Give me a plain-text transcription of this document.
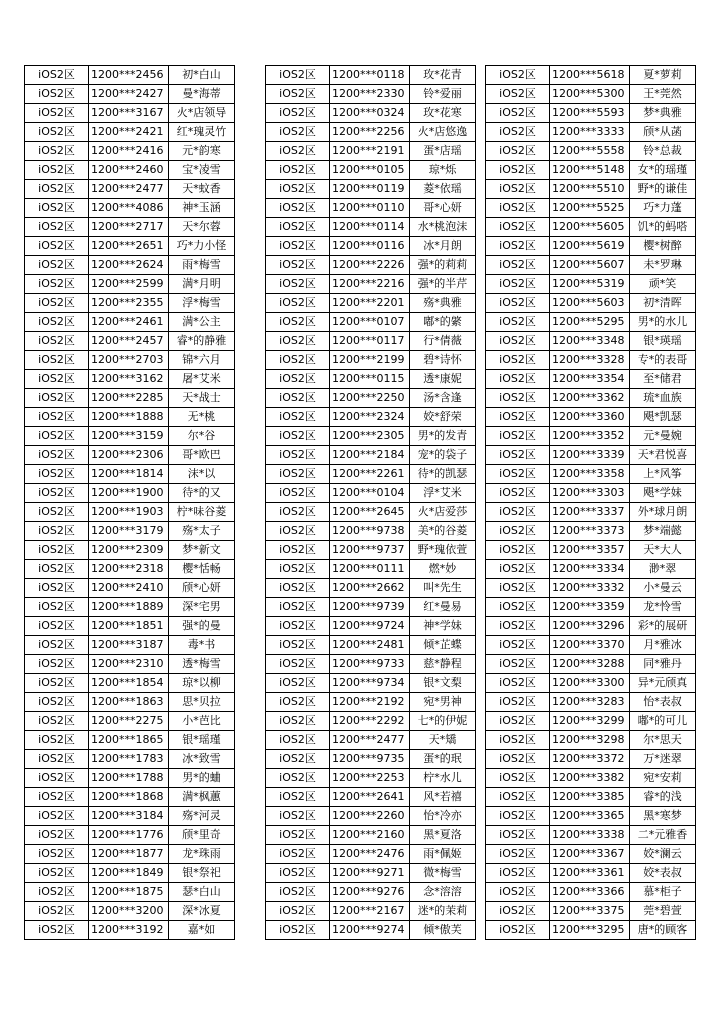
iOS2区	1200***2456	初*白山
iOS2区	1200***2427	曼*海蒂
iOS2区	1200***3167	火*店领导
iOS2区	1200***2421	红*瑰灵竹
iOS2区	1200***2416	元*韵寒
iOS2区	1200***2460	宝*凌雪
iOS2区	1200***2477	天*蚊香
iOS2区	1200***4086	神*玉涵
iOS2区	1200***2717	天*尔蓉
iOS2区	1200***2651	巧*力小怪
iOS2区	1200***2624	雨*梅雪
iOS2区	1200***2599	满*月明
iOS2区	1200***2355	浮*梅雪
iOS2区	1200***2461	满*公主
iOS2区	1200***2457	睿*的静雅
iOS2区	1200***2703	锦*六月
iOS2区	1200***3162	屠*艾米
iOS2区	1200***2285	天*战士
iOS2区	1200***1888	无*桃
iOS2区	1200***3159	尔*谷
iOS2区	1200***2306	哥*欧巴
iOS2区	1200***1814	沫*以
iOS2区	1200***1900	待*的又
iOS2区	1200***1903	柠*味谷菱
iOS2区	1200***3179	殇*太子
iOS2区	1200***2309	梦*新文
iOS2区	1200***2318	樱*恬畅
iOS2区	1200***2410	颀*心妍
iOS2区	1200***1889	深*宅男
iOS2区	1200***1851	强*的曼
iOS2区	1200***3187	毒*书
iOS2区	1200***2310	透*梅雪
iOS2区	1200***1854	琼*以柳
iOS2区	1200***1863	思*贝拉
iOS2区	1200***2275	小*芭比
iOS2区	1200***1865	银*瑶瑾
iOS2区	1200***1783	冰*致雪
iOS2区	1200***1788	男*的蛐
iOS2区	1200***1868	满*枫蕙
iOS2区	1200***3184	殇*河灵
iOS2区	1200***1776	颀*里奇
iOS2区	1200***1877	龙*珠雨
iOS2区	1200***1849	银*祭祀
iOS2区	1200***1875	瑟*白山
iOS2区	1200***3200	深*冰夏
iOS2区	1200***3192	嘉*如
iOS2区	1200***0118	玫*花青
iOS2区	1200***2330	铃*爱丽
iOS2区	1200***0324	玫*花寒
iOS2区	1200***2256	火*店悠逸
iOS2区	1200***2191	蛋*店瑶
iOS2区	1200***0105	琼*烁
iOS2区	1200***0119	菱*依瑶
iOS2区	1200***0110	哥*心妍
iOS2区	1200***0114	水*桃泡沫
iOS2区	1200***0116	冰*月朗
iOS2区	1200***2226	强*的莉莉
iOS2区	1200***2216	强*的半芹
iOS2区	1200***2201	殇*典雅
iOS2区	1200***0107	嘟*的綮
iOS2区	1200***0117	行*倩薇
iOS2区	1200***2199	碧*诗怀
iOS2区	1200***0115	透*康妮
iOS2区	1200***2250	汤*含逢
iOS2区	1200***2324	姣*舒荣
iOS2区	1200***2305	男*的发青
iOS2区	1200***2184	宠*的袋子
iOS2区	1200***2261	待*的凯瑟
iOS2区	1200***0104	浮*艾米
iOS2区	1200***2645	火*店爱莎
iOS2区	1200***9738	美*的谷菱
iOS2区	1200***9737	野*瑰依萱
iOS2区	1200***0111	燃*妙
iOS2区	1200***2662	叫*先生
iOS2区	1200***9739	红*曼易
iOS2区	1200***9724	神*学妹
iOS2区	1200***2481	倾*芷蝶
iOS2区	1200***9733	慈*静程
iOS2区	1200***9734	银*文梨
iOS2区	1200***2192	宛*男神
iOS2区	1200***2292	七*的伊妮
iOS2区	1200***2477	天*矯
iOS2区	1200***9735	蛋*的珉
iOS2区	1200***2253	柠*水儿
iOS2区	1200***2641	风*若禧
iOS2区	1200***2260	怡*冷亦
iOS2区	1200***2160	黑*夏洛
iOS2区	1200***2476	雨*佩姬
iOS2区	1200***9271	微*梅雪
iOS2区	1200***9276	念*溶溶
iOS2区	1200***2167	迷*的茉莉
iOS2区	1200***9274	倾*傲芙
iOS2区	1200***5618	夏*萝莉
iOS2区	1200***5300	王*莞然
iOS2区	1200***5593	梦*典雅
iOS2区	1200***3333	颀*从菡
iOS2区	1200***5558	铃*总裁
iOS2区	1200***5148	女*的瑶瑾
iOS2区	1200***5510	野*的谦佳
iOS2区	1200***5525	巧*力蓬
iOS2区	1200***5605	饥*的蚂嗒
iOS2区	1200***5619	樱*树醉
iOS2区	1200***5607	未*罗琳
iOS2区	1200***5319	顽*笑
iOS2区	1200***5603	初*清晖
iOS2区	1200***5295	男*的水儿
iOS2区	1200***3348	银*瑛瑶
iOS2区	1200***3328	专*的表哥
iOS2区	1200***3354	至*储君
iOS2区	1200***3362	琉*血族
iOS2区	1200***3360	飓*凯瑟
iOS2区	1200***3352	元*曼婉
iOS2区	1200***3339	天*君悦喜
iOS2区	1200***3358	上*风筝
iOS2区	1200***3303	飓*学妹
iOS2区	1200***3337	外*球月朗
iOS2区	1200***3373	梦*端懿
iOS2区	1200***3357	天*大人
iOS2区	1200***3334	渺*翠
iOS2区	1200***3332	小*曼云
iOS2区	1200***3359	龙*怜雪
iOS2区	1200***3296	彩*的展研
iOS2区	1200***3370	月*雅冰
iOS2区	1200***3288	同*雅丹
iOS2区	1200***3300	异*元颀真
iOS2区	1200***3283	怡*表叔
iOS2区	1200***3299	嘟*的可儿
iOS2区	1200***3298	尔*思天
iOS2区	1200***3372	万*迷翠
iOS2区	1200***3382	宛*安莉
iOS2区	1200***3385	睿*的浅
iOS2区	1200***3365	黑*寒梦
iOS2区	1200***3338	二*元雅香
iOS2区	1200***3367	姣*澜云
iOS2区	1200***3361	姣*表叔
iOS2区	1200***3366	慕*柜子
iOS2区	1200***3375	莞*碧萱
iOS2区	1200***3295	唐*的顾客
